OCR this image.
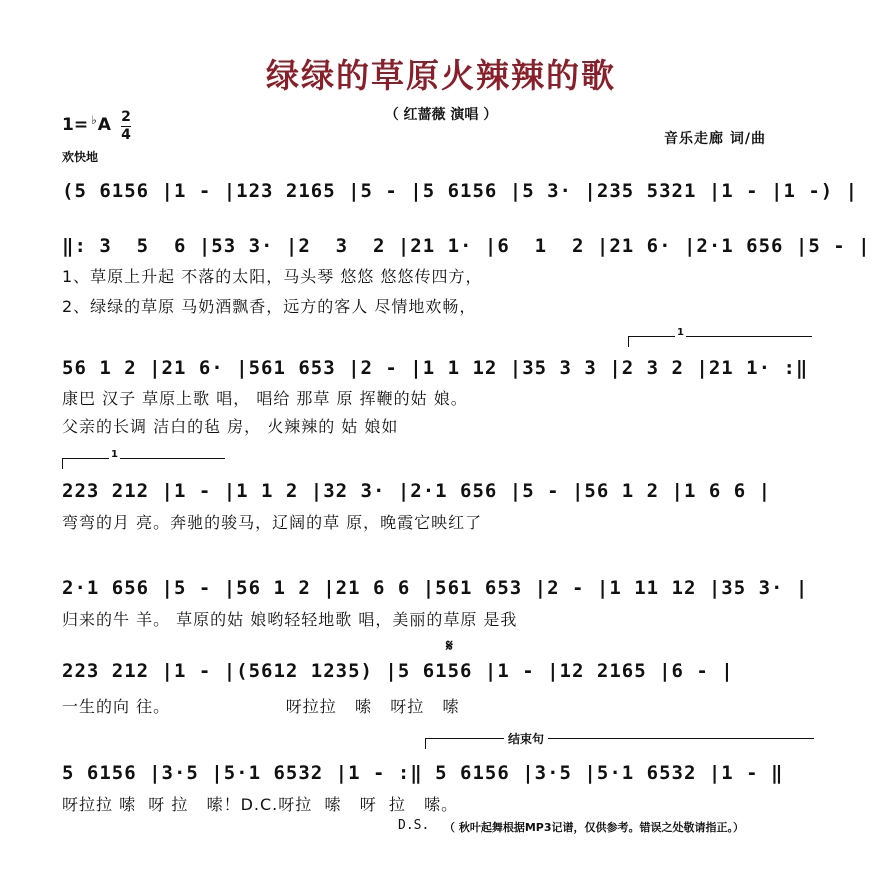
绿绿的草原火辣辣的歌
（ 红蔷薇 演唱 ）
1= ♭A 2
4
欢快地
音乐走廊 词/曲
(5 6156 |1 - |123 2165 |5 - |5 6156 |5 3· |235 5321 |1 - |1 -) |
‖: 3  5  6 |53 3· |2  3  2 |21 1· |6  1  2 |21 6· |2·1 656 |5 - |
1、草原上升起 不落的太阳，马头琴 悠悠 悠悠传四方，
2、绿绿的草原 马奶酒飘香，远方的客人 尽情地欢畅，
1
56 1 2 |21 6· |561 653 |2 - |1 1 12 |35 3 3 |2 3 2 |21 1· :‖
康巴 汉子 草原上歌 唱， 唱给 那草 原 挥鞭的姑 娘。
父亲的长调 洁白的毡 房， 火辣辣的 姑 娘如
1
223 212 |1 - |1 1 2 |32 3· |2·1 656 |5 - |56 1 2 |1 6 6 |
弯弯的月 亮。奔驰的骏马，辽阔的草 原，晚霞它映红了
2·1 656 |5 - |56 1 2 |21 6 6 |561 653 |2 - |1 11 12 |35 3· |
归来的牛 羊。 草原的姑 娘哟轻轻地歌 唱，美丽的草原 是我
𝄋
223 212 |1 - |(5612 1235) |5 6156 |1 - |12 2165 |6 - |
一生的向 往。                   呀拉拉   嗦   呀拉   嗦
结束句
5 6156 |3·5 |5·1 6532 |1 - :‖ 5 6156 |3·5 |5·1 6532 |1 - ‖
呀拉拉 嗦  呀 拉   嗦！D.C.呀拉  嗦   呀  拉   嗦。
D.S. （ 秋叶起舞根据MP3记谱，仅供参考。错误之处敬请指正。）
